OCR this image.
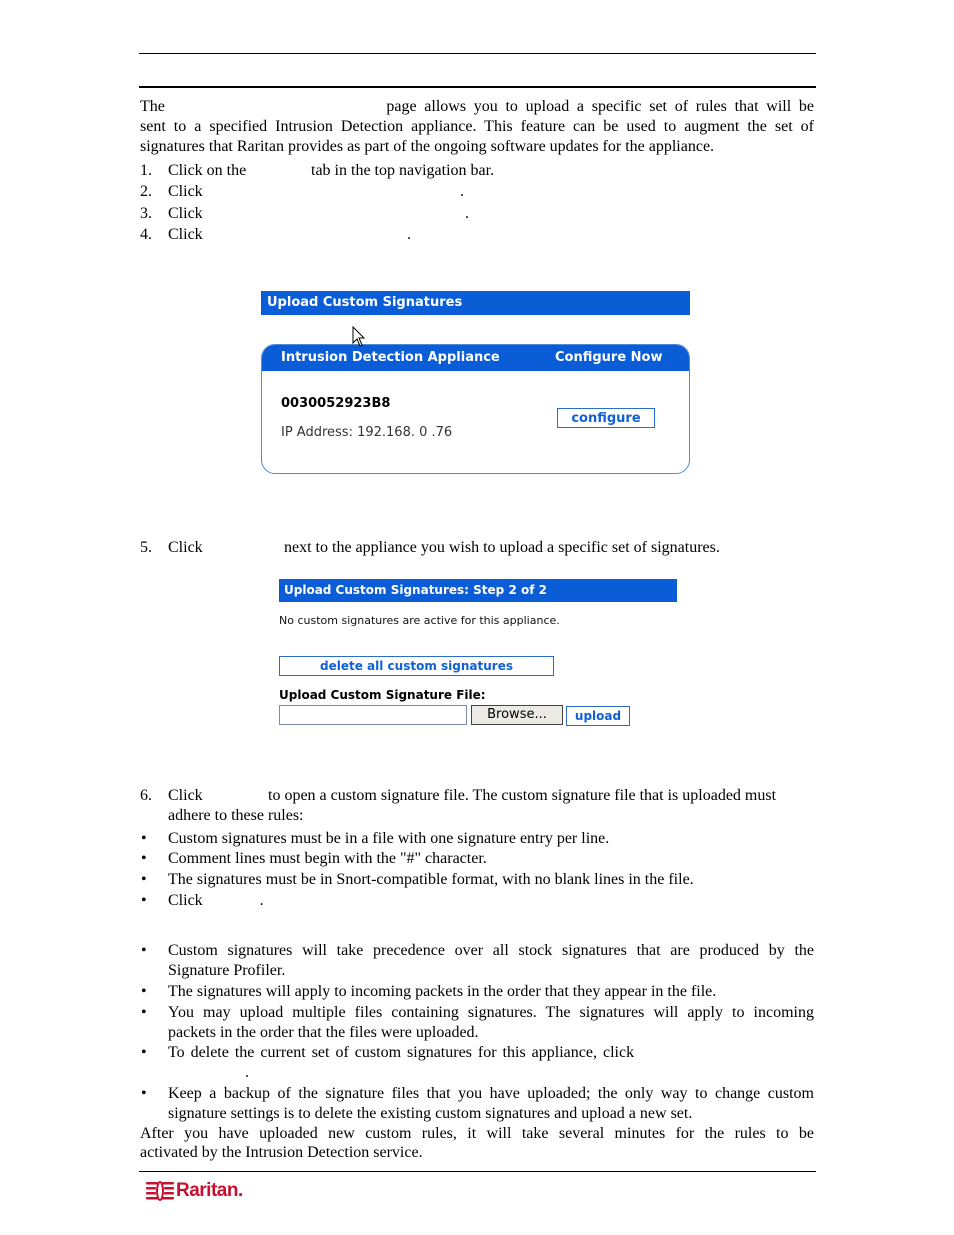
The	page allows you to upload a specific set of rules that will be
sent to a specified Intrusion Detection appliance. This feature can be used to augment the set of
signatures that Raritan provides as part of the ongoing software updates for the appliance.
1. Click on the	tab in the top navigation bar.
2. Click	.
3. Click	.
4. Click	.
Upload Custom Signatures
Intrusion Detection Appliance	Configure Now
0030052923B8
IP Address: 192.168. 0 .76
configure
5. Click	next to the appliance you wish to upload a specific set of signatures.
Upload Custom Signatures: Step 2 of 2
No custom signatures are active for this appliance.
delete all custom signatures
Upload Custom Signature File:
Browse...	upload
6. Click	to open a custom signature file. The custom signature file that is uploaded must
adhere to these rules:
• Custom signatures must be in a file with one signature entry per line.
• Comment lines must begin with the "#" character.
• The signatures must be in Snort-compatible format, with no blank lines in the file.
• Click	.
• Custom signatures will take precedence over all stock signatures that are produced by the
Signature Profiler.
• The signatures will apply to incoming packets in the order that they appear in the file.
• You may upload multiple files containing signatures. The signatures will apply to incoming
packets in the order that the files were uploaded.
• To delete the current set of custom signatures for this appliance, click
.
• Keep a backup of the signature files that you have uploaded; the only way to change custom
signature settings is to delete the existing custom signatures and upload a new set.
After you have uploaded new custom rules, it will take several minutes for the rules to be
activated by the Intrusion Detection service.
Raritan.
